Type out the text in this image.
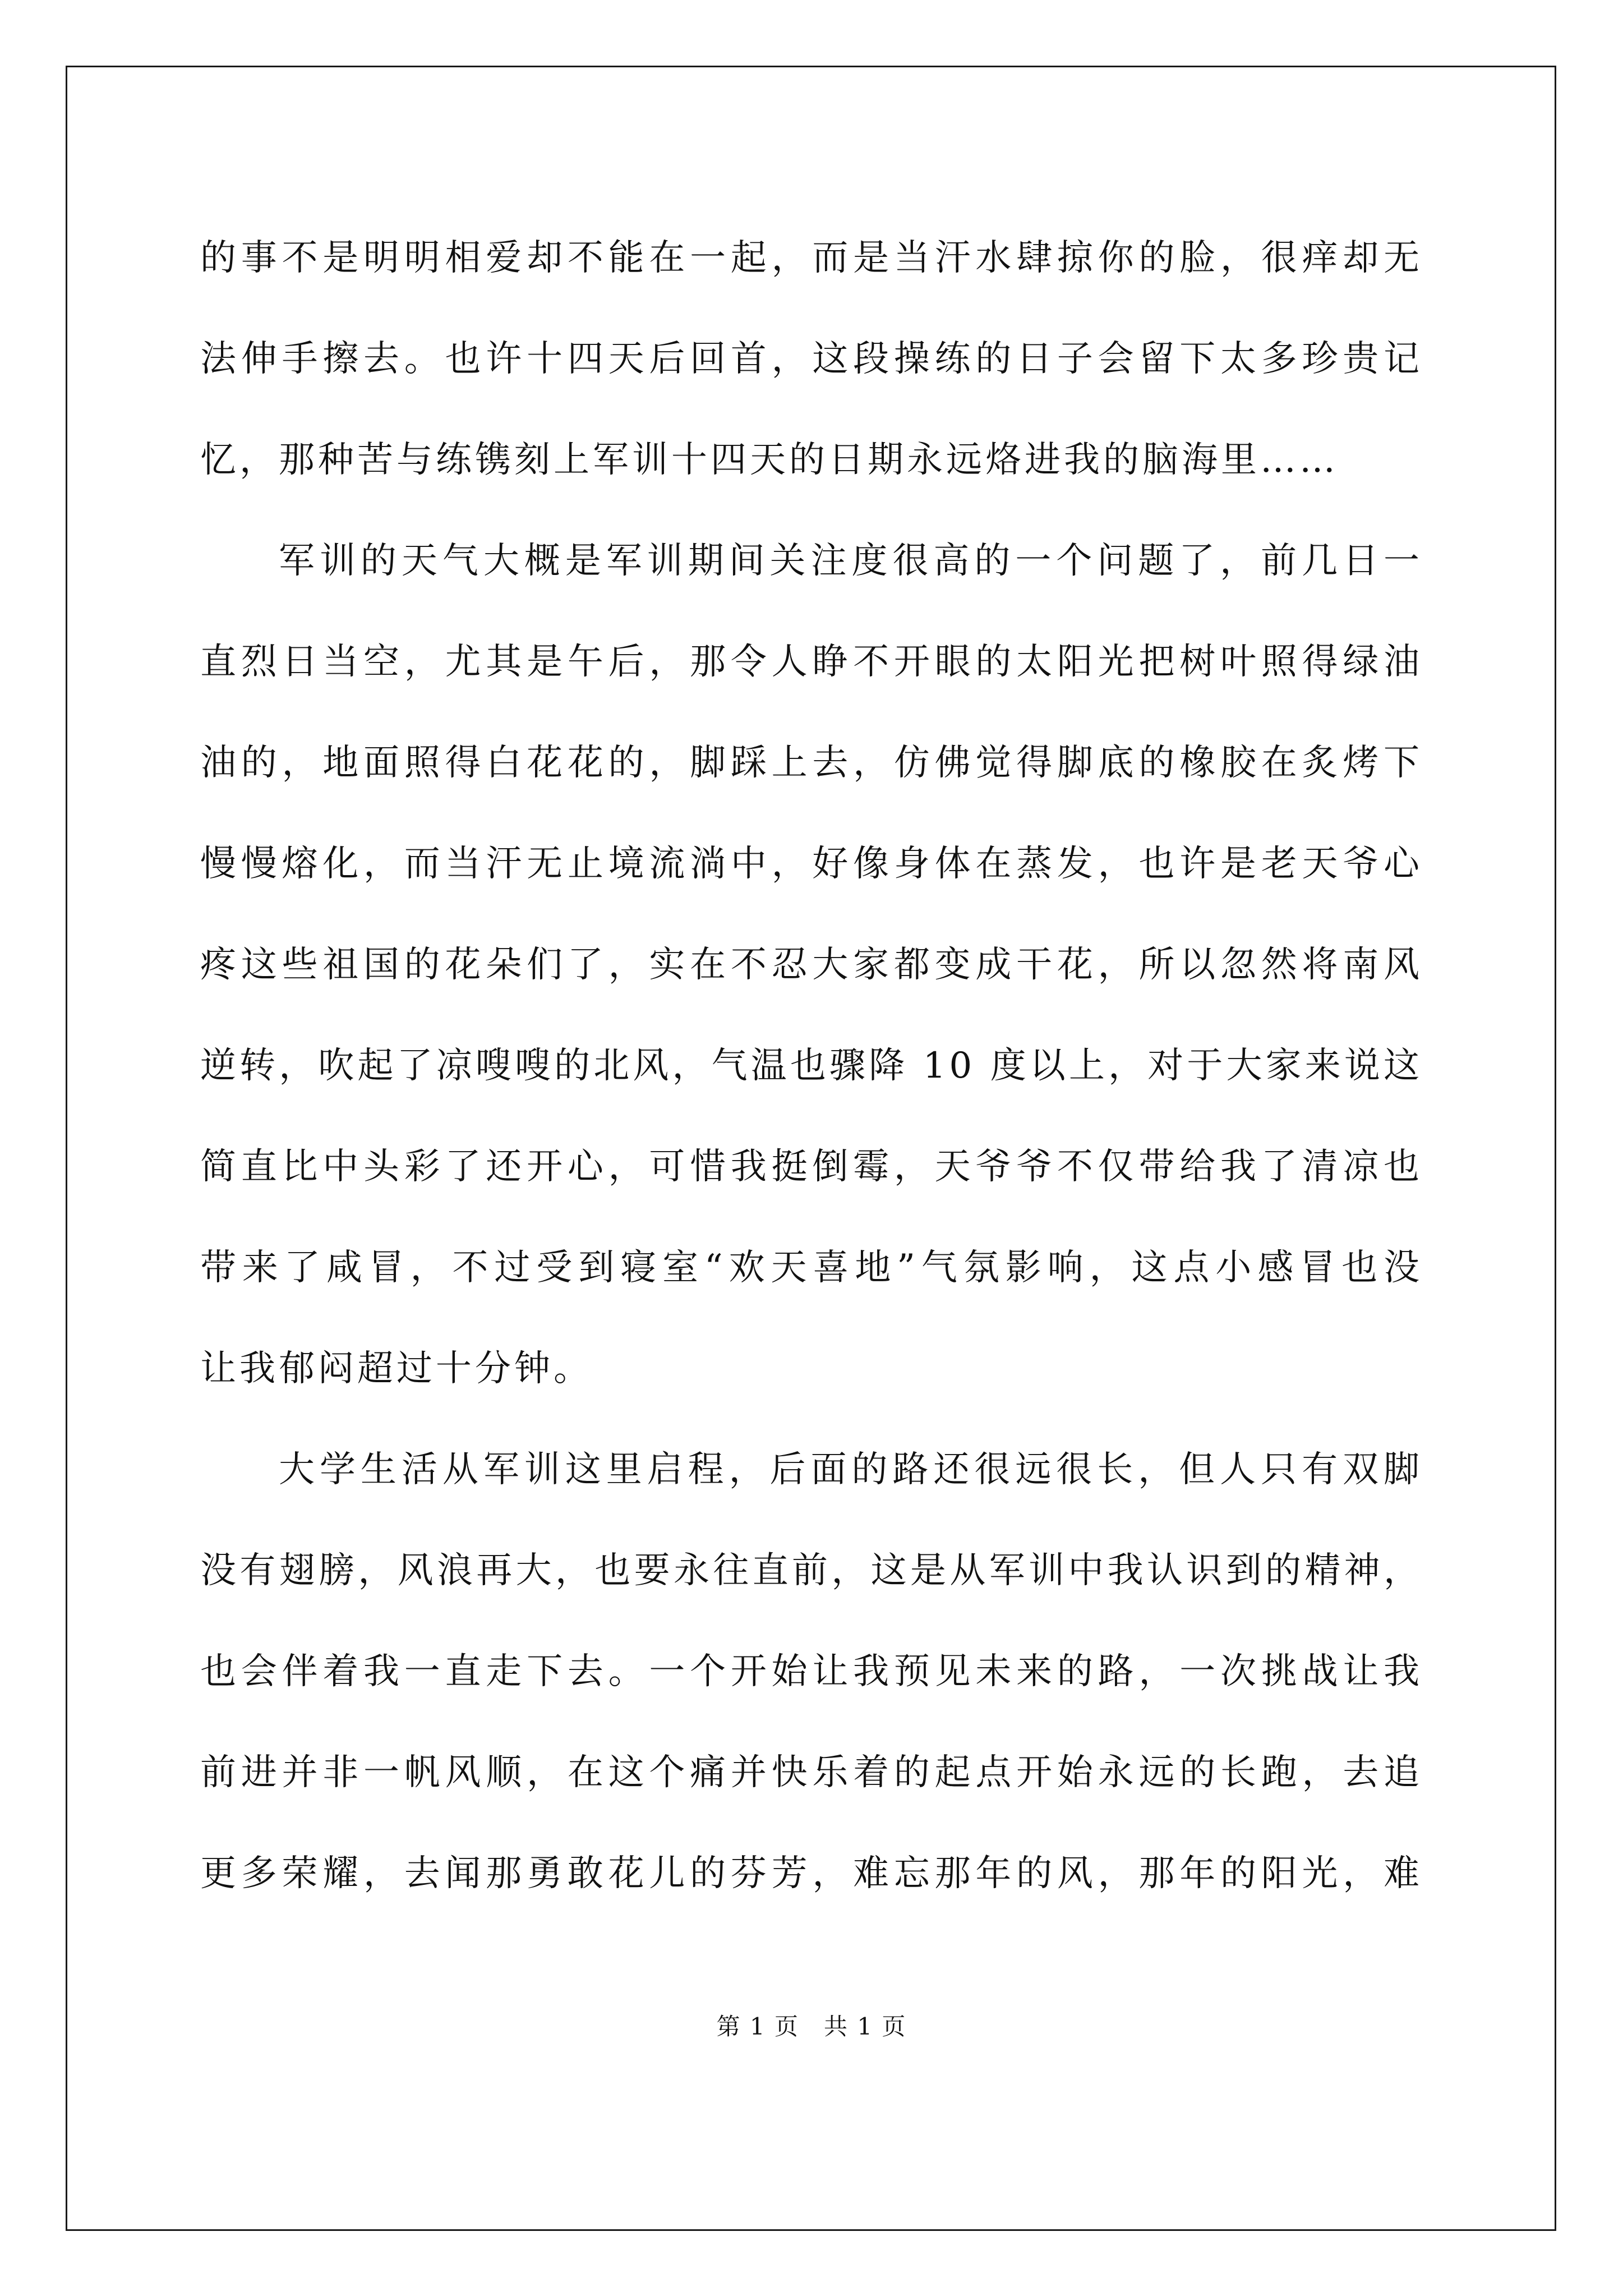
的事不是明明相爱却不能在一起，而是当汗水肆掠你的脸，很痒却无
法伸手擦去。也许十四天后回首，这段操练的日子会留下太多珍贵记
忆，那种苦与练镌刻上军训十四天的日期永远烙进我的脑海里……
军训的天气大概是军训期间关注度很高的一个问题了，前几日一
直烈日当空，尤其是午后，那令人睁不开眼的太阳光把树叶照得绿油
油的，地面照得白花花的，脚踩上去，仿佛觉得脚底的橡胶在炙烤下
慢慢熔化，而当汗无止境流淌中，好像身体在蒸发，也许是老天爷心
疼这些祖国的花朵们了，实在不忍大家都变成干花，所以忽然将南风
逆转，吹起了凉嗖嗖的北风，气温也骤降 10 度以上，对于大家来说这
简直比中头彩了还开心，可惜我挺倒霉，天爷爷不仅带给我了清凉也
带来了咸冒，不过受到寝室“欢天喜地”气氛影响，这点小感冒也没
让我郁闷超过十分钟。
大学生活从军训这里启程，后面的路还很远很长，但人只有双脚
没有翅膀，风浪再大，也要永往直前，这是从军训中我认识到的精神，
也会伴着我一直走下去。一个开始让我预见未来的路，一次挑战让我
前进并非一帆风顺，在这个痛并快乐着的起点开始永远的长跑，去追
更多荣耀，去闻那勇敢花儿的芬芳，难忘那年的风，那年的阳光，难
第 1 页　共 1 页
